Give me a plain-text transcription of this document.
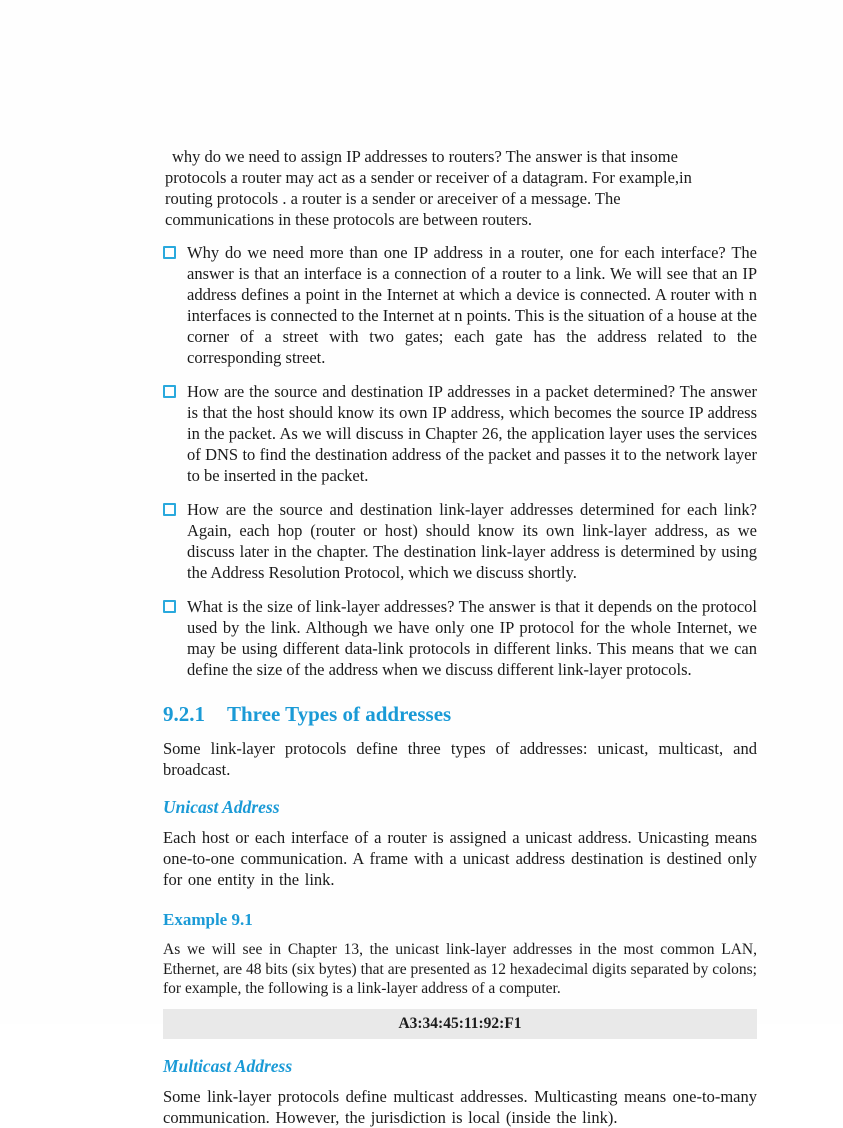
why do we need to assign IP addresses to routers? The answer is that insome protocols a router may act as a sender or receiver of a datagram. For example,in routing protocols . a router is a sender or areceiver of a message. The communications in these protocols are between routers.

Why do we need more than one IP address in a router, one for each interface? The answer is that an interface is a connection of a router to a link. We will see that an IP address defines a point in the Internet at which a device is connected. A router with n interfaces is connected to the Internet at n points. This is the situation of a house at the corner of a street with two gates; each gate has the address related to the corresponding street.
How are the source and destination IP addresses in a packet determined? The answer is that the host should know its own IP address, which becomes the source IP address in the packet. As we will discuss in Chapter 26, the application layer uses the services of DNS to find the destination address of the packet and passes it to the network layer to be inserted in the packet.
How are the source and destination link-layer addresses determined for each link? Again, each hop (router or host) should know its own link-layer address, as we discuss later in the chapter. The destination link-layer address is determined by using the Address Resolution Protocol, which we discuss shortly.
What is the size of link-layer addresses? The answer is that it depends on the protocol used by the link. Although we have only one IP protocol for the whole Internet, we may be using different data-link protocols in different links. This means that we can define the size of the address when we discuss different link-layer protocols.
9.2.1 Three Types of addresses

Some link-layer protocols define three types of addresses: unicast, multicast, and broadcast.

Unicast Address

Each host or each interface of a router is assigned a unicast address. Unicasting means one-to-one communication. A frame with a unicast address destination is destined only for one entity in the link.

Example 9.1

As we will see in Chapter 13, the unicast link-layer addresses in the most common LAN, Ethernet, are 48 bits (six bytes) that are presented as 12 hexadecimal digits separated by colons; for example, the following is a link-layer address of a computer.

A3:34:45:11:92:F1
Multicast Address

Some link-layer protocols define multicast addresses. Multicasting means one-to-many communication. However, the jurisdiction is local (inside the link).
